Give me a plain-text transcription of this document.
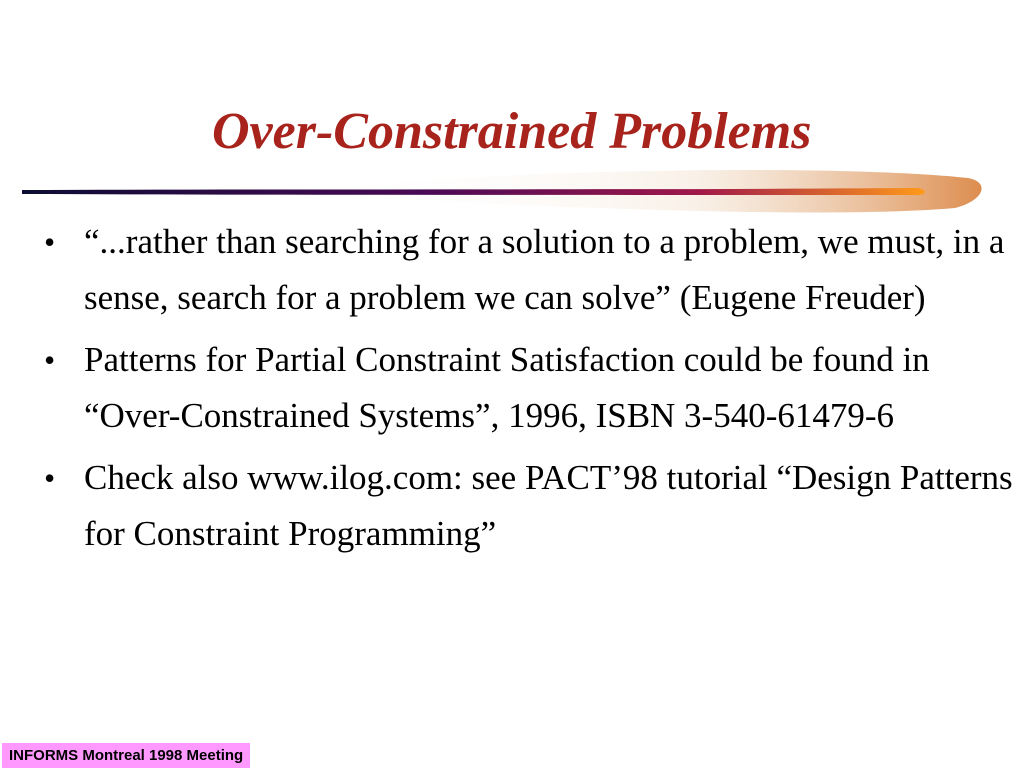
Over-Constrained Problems
• “...rather than searching for a solution to a problem, we must, in a sense, search for a problem we can solve” (Eugene Freuder)
• Patterns for Partial Constraint Satisfaction could be found in “Over-Constrained Systems”, 1996, ISBN 3-540-61479-6
• Check also www.ilog.com: see PACT’98 tutorial “Design Patterns for Constraint Programming”
INFORMS Montreal 1998 Meeting
